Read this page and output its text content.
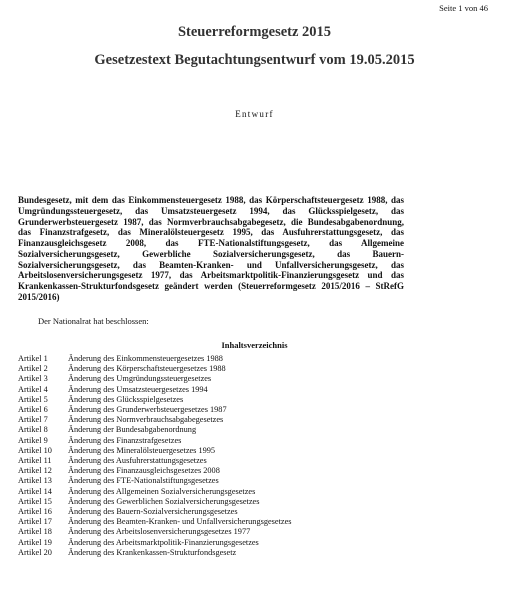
Seite 1 von 46
Steuerreformgesetz 2015
Gesetzestext Begutachtungsentwurf vom 19.05.2015
Entwurf
Bundesgesetz, mit dem das Einkommensteuergesetz 1988, das Körperschaftsteuergesetz 1988, das Umgründungssteuergesetz, das Umsatzsteuergesetz 1994, das Glücksspielgesetz, das Grunderwerbsteuergesetz 1987, das Normverbrauchsabgabegesetz, die Bundesabgabenordnung, das Finanzstrafgesetz, das Mineralölsteuergesetz 1995, das Ausfuhrerstattungsgesetz, das Finanzausgleichsgesetz 2008, das FTE-Nationalstiftungsgesetz, das Allgemeine Sozialversicherungsgesetz, Gewerbliche Sozialversicherungsgesetz, das Bauern-Sozialversicherungsgesetz, das Beamten-Kranken- und Unfallversicherungsgesetz, das Arbeitslosenversicherungsgesetz 1977, das Arbeitsmarktpolitik-Finanzierungsgesetz und das Krankenkassen-Strukturfondsgesetz geändert werden (Steuerreformgesetz 2015/2016 – StRefG 2015/2016)
Der Nationalrat hat beschlossen:
Inhaltsverzeichnis
Artikel 1	Änderung des Einkommensteuergesetzes 1988
Artikel 2	Änderung des Körperschaftsteuergesetzes 1988
Artikel 3	Änderung des Umgründungssteuergesetzes
Artikel 4	Änderung des Umsatzsteuergesetzes 1994
Artikel 5	Änderung des Glücksspielgesetzes
Artikel 6	Änderung des Grunderwerbsteuergesetzes 1987
Artikel 7	Änderung des Normverbrauchsabgabegesetzes
Artikel 8	Änderung der Bundesabgabenordnung
Artikel 9	Änderung des Finanzstrafgesetzes
Artikel 10	Änderung des Mineralölsteuergesetzes 1995
Artikel 11	Änderung des Ausfuhrerstattungsgesetzes
Artikel 12	Änderung des Finanzausgleichsgesetzes 2008
Artikel 13	Änderung des FTE-Nationalstiftungsgesetzes
Artikel 14	Änderung des Allgemeinen Sozialversicherungsgesetzes
Artikel 15	Änderung des Gewerblichen Sozialversicherungsgesetzes
Artikel 16	Änderung des Bauern-Sozialversicherungsgesetzes
Artikel 17	Änderung des Beamten-Kranken- und Unfallversicherungsgesetzes
Artikel 18	Änderung des Arbeitslosenversicherungsgesetzes 1977
Artikel 19	Änderung des Arbeitsmarktpolitik-Finanzierungsgesetzes
Artikel 20	Änderung des Krankenkassen-Strukturfondsgesetz
